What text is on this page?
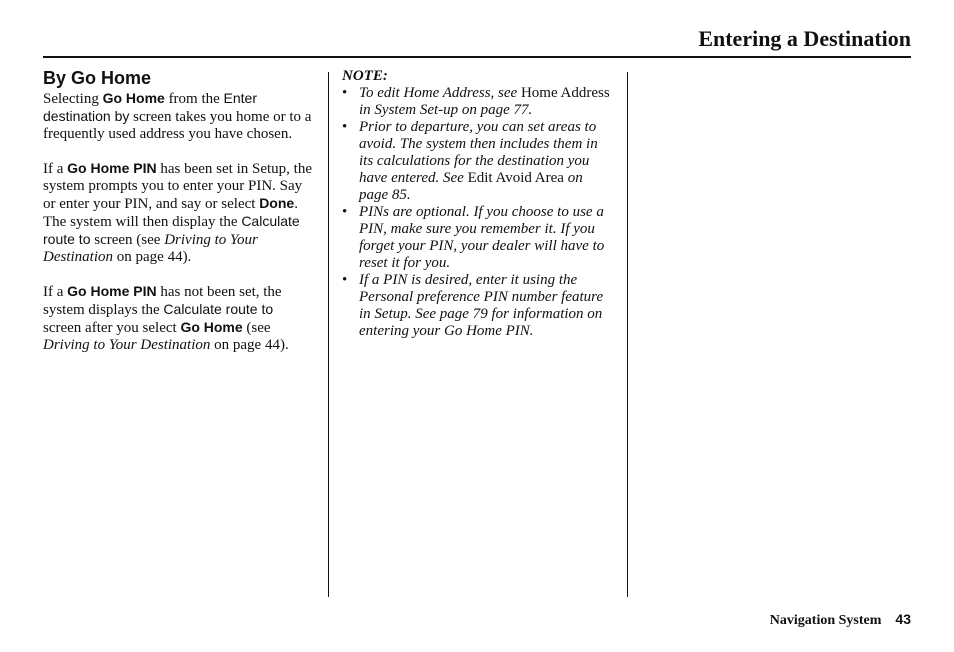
Entering a Destination
By Go Home

Selecting Go Home from the Enter destination by screen takes you home or to a frequently used address you have chosen.

If a Go Home PIN has been set in Setup, the system prompts you to enter your PIN. Say or enter your PIN, and say or select Done. The system will then display the Calculate route to screen (see Driving to Your Destination on page 44).

If a Go Home PIN has not been set, the system displays the Calculate route to screen after you select Go Home (see Driving to Your Destination on page 44).

NOTE:
• To edit Home Address, see Home Address in System Set-up on page 77.
• Prior to departure, you can set areas to avoid. The system then includes them in its calculations for the destination you have entered. See Edit Avoid Area on page 85.
• PINs are optional. If you choose to use a PIN, make sure you remember it. If you forget your PIN, your dealer will have to reset it for you.
• If a PIN is desired, enter it using the Personal preference PIN number feature in Setup. See page 79 for information on entering your Go Home PIN.
Navigation System 43
